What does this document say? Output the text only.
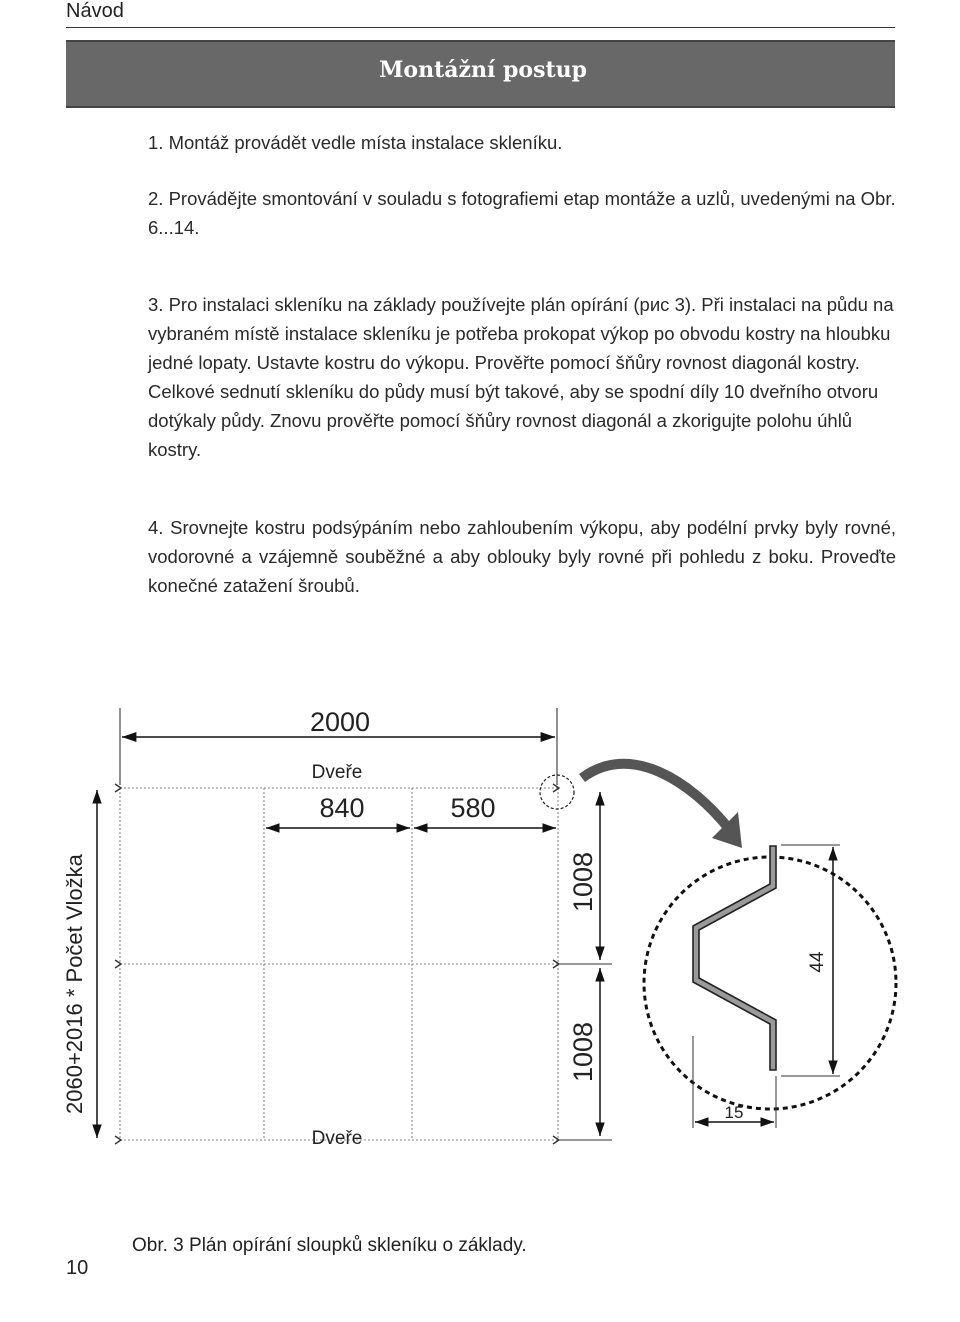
Návod
Montážní postup
1. Montáž provádět vedle místa instalace skleníku.
2. Provádějte smontování v souladu s fotografiemi etap montáže a uzlů, uvedenými na Obr. 6...14.
3. Pro instalaci skleníku na základy používejte plán opírání (рис 3). Při instalaci na půdu na vybraném místě instalace skleníku je potřeba prokopat výkop po obvodu kostry na hloubku jedné lopaty. Ustavte kostru do výkopu. Prověřte pomocí šňůry rovnost diagonál kostry. Celkové sednutí skleníku do půdy musí být takové, aby se spodní díly 10 dveřního otvoru dotýkaly půdy. Znovu prověřte pomocí šňůry rovnost diagonál a zkorigujte polohu úhlů kostry.
4. Srovnejte kostru podsýpáním nebo zahloubením výkopu, aby podélní prvky byly rovné, vodorovné a vzájemně souběžné a aby oblouky byly rovné při pohledu z boku. Proveďte konečné zatažení šroubů.
2000
Dveře
840	580
1008
1008
2060+2016 * Počet Vložka
Dveře
44
15
Obr. 3 Plán opírání sloupků skleníku o základy.
10
